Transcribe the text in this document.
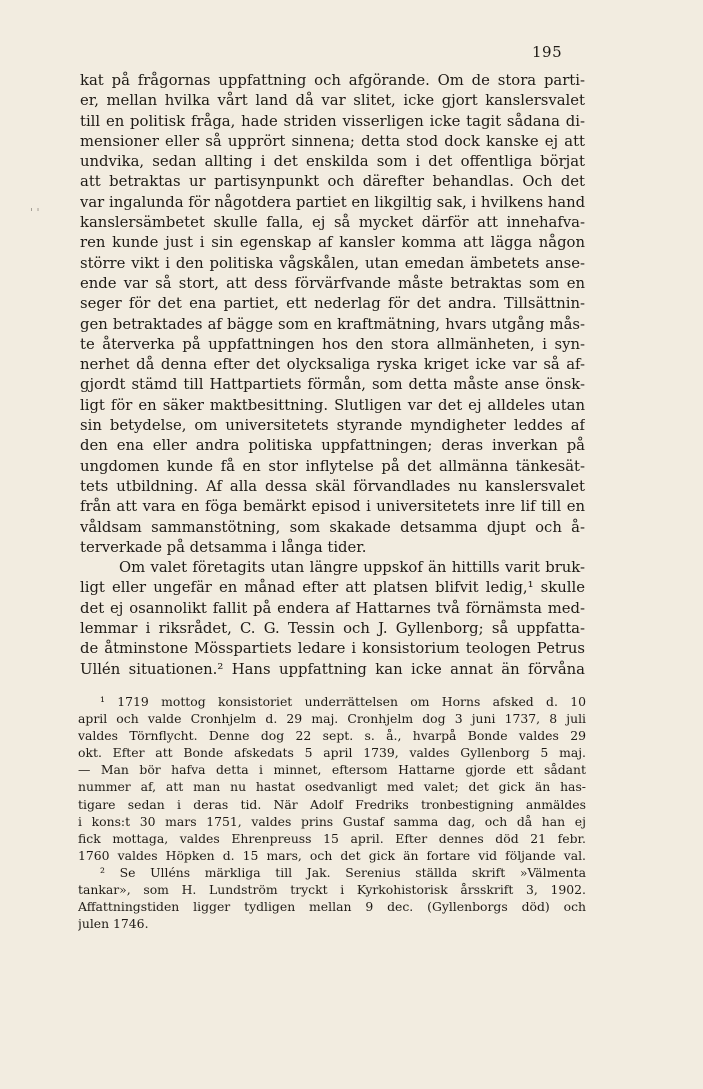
195
' '
kat på frågornas uppfattning och afgörande. Om de stora parti-
er, mellan hvilka vårt land då var slitet, icke gjort kanslersvalet
till en politisk fråga, hade striden visserligen icke tagit sådana di-
mensioner eller så upprört sinnena; detta stod dock kanske ej att
undvika, sedan allting i det enskilda som i det offentliga börjat
att betraktas ur partisynpunkt och därefter behandlas. Och det
var ingalunda för någotdera partiet en likgiltig sak, i hvilkens hand
kanslersämbetet skulle falla, ej så mycket därför att innehafva-
ren kunde just i sin egenskap af kansler komma att lägga någon
större vikt i den politiska vågskålen, utan emedan ämbetets anse-
ende var så stort, att dess förvärfvande måste betraktas som en
seger för det ena partiet, ett nederlag för det andra. Tillsättnin-
gen betraktades af bägge som en kraftmätning, hvars utgång mås-
te återverka på uppfattningen hos den stora allmänheten, i syn-
nerhet då denna efter det olycksaliga ryska kriget icke var så af-
gjordt stämd till Hattpartiets förmån, som detta måste anse önsk-
ligt för en säker maktbesittning. Slutligen var det ej alldeles utan
sin betydelse, om universitetets styrande myndigheter leddes af
den ena eller andra politiska uppfattningen; deras inverkan på
ungdomen kunde få en stor inflytelse på det allmänna tänkesät-
tets utbildning. Af alla dessa skäl förvandlades nu kanslersvalet
från att vara en föga bemärkt episod i universitetets inre lif till en
våldsam sammanstötning, som skakade detsamma djupt och å-
terverkade på detsamma i långa tider.
Om valet företagits utan längre uppskof än hittills varit bruk-
ligt eller ungefär en månad efter att platsen blifvit ledig,¹ skulle
det ej osannolikt fallit på endera af Hattarnes två förnämsta med-
lemmar i riksrådet, C. G. Tessin och J. Gyllenborg; så uppfatta-
de åtminstone Mösspartiets ledare i konsistorium teologen Petrus
Ullén situationen.² Hans uppfattning kan icke annat än förvåna
¹ 1719 mottog konsistoriet underrättelsen om Horns afsked d. 10
april och valde Cronhjelm d. 29 maj. Cronhjelm dog 3 juni 1737, 8 juli
valdes Törnflycht. Denne dog 22 sept. s. å., hvarpå Bonde valdes 29
okt. Efter att Bonde afskedats 5 april 1739, valdes Gyllenborg 5 maj.
— Man bör hafva detta i minnet, eftersom Hattarne gjorde ett sådant
nummer af, att man nu hastat osedvanligt med valet; det gick än has-
tigare sedan i deras tid. När Adolf Fredriks tronbestigning anmäldes
i kons:t 30 mars 1751, valdes prins Gustaf samma dag, och då han ej
fick mottaga, valdes Ehrenpreuss 15 april. Efter dennes död 21 febr.
1760 valdes Höpken d. 15 mars, och det gick än fortare vid följande val.
² Se Ulléns märkliga till Jak. Serenius ställda skrift »Välmenta
tankar», som H. Lundström tryckt i Kyrkohistorisk årsskrift 3, 1902.
Affattningstiden ligger tydligen mellan 9 dec. (Gyllenborgs död) och
julen 1746.
